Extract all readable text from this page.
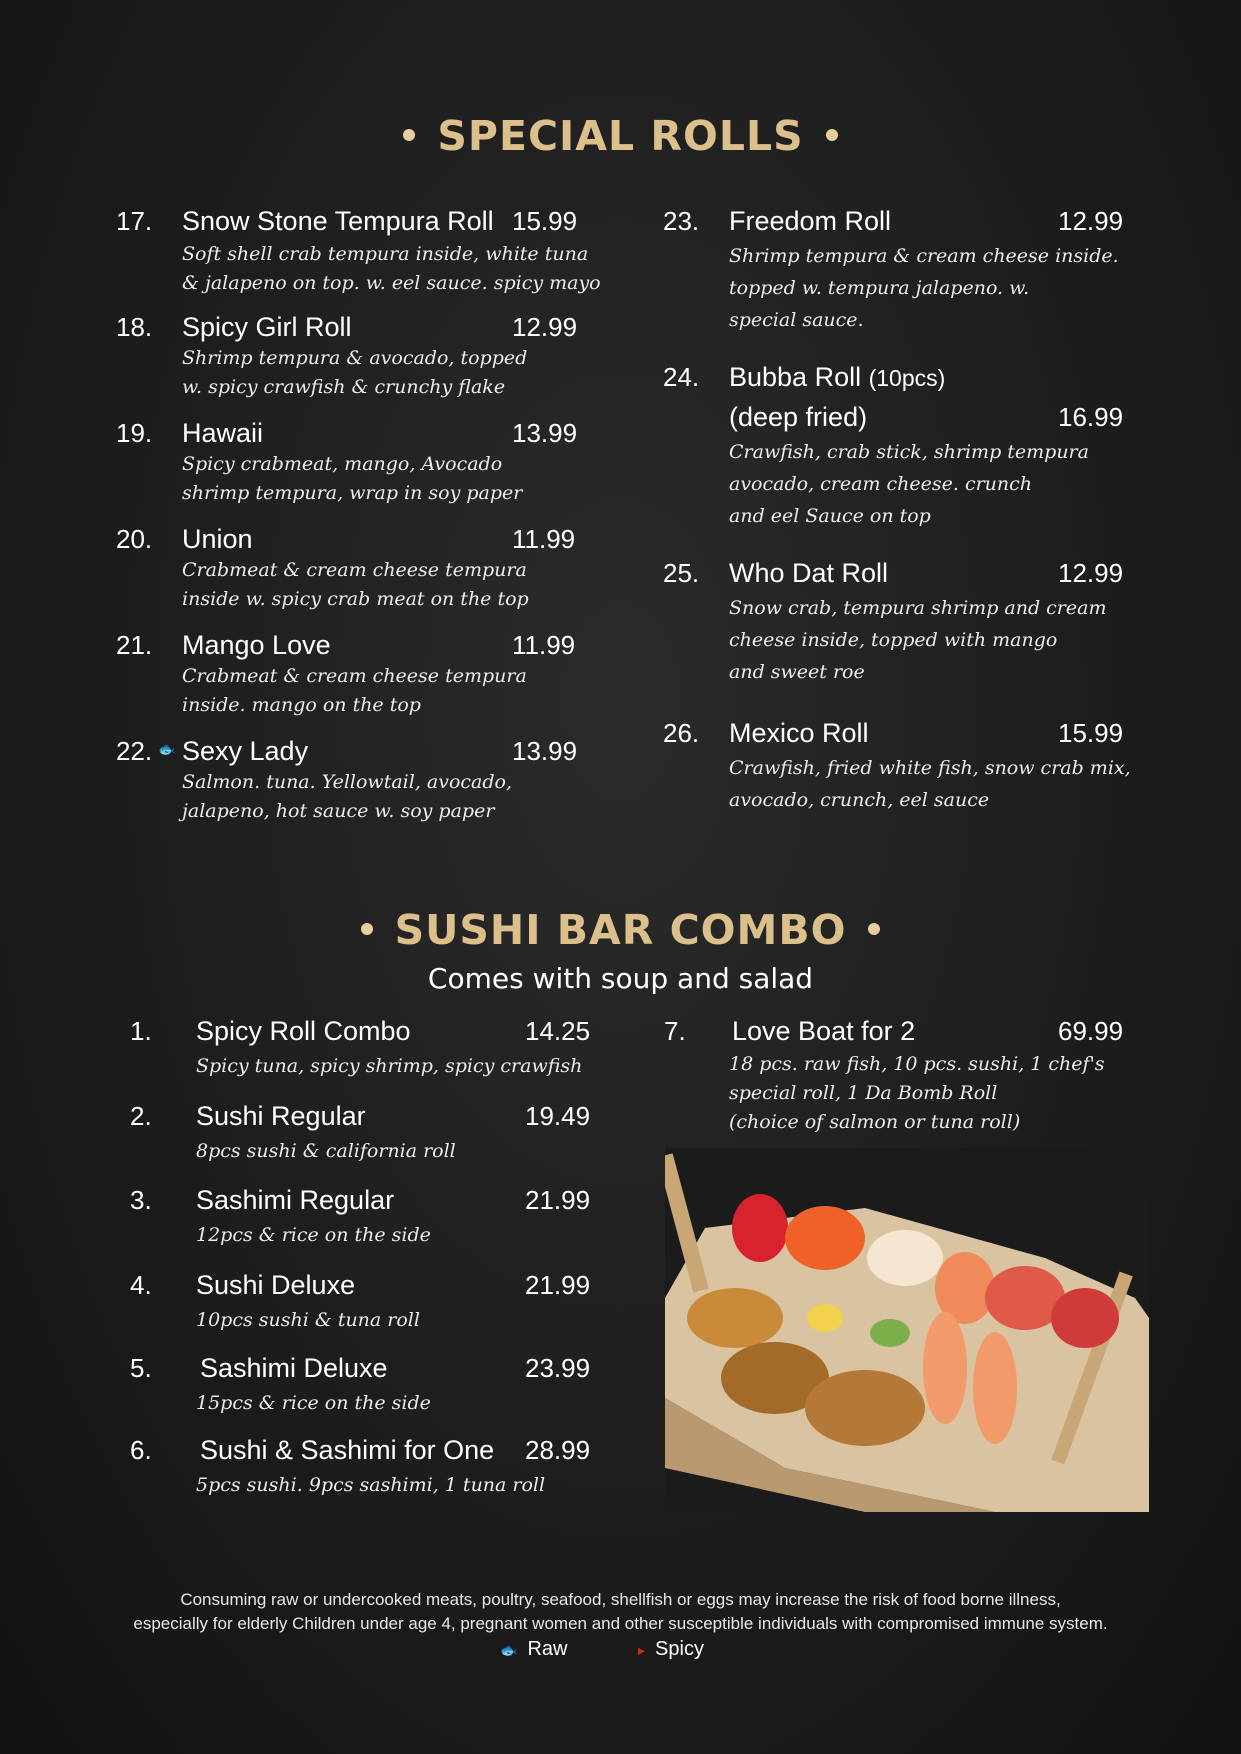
SPECIAL ROLLS
17. Snow Stone Tempura Roll 15.99
Soft shell crab tempura inside, white tuna
& jalapeno on top. w. eel sauce. spicy mayo
18. Spicy Girl Roll	12.99
Shrimp tempura & avocado, topped
w. spicy crawfish & crunchy flake
19. Hawaii	13.99
Spicy crabmeat, mango, Avocado
shrimp tempura, wrap in soy paper
20. Union	11.99
Crabmeat & cream cheese tempura
inside w. spicy crab meat on the top
21. Mango Love	11.99
Crabmeat & cream cheese tempura
inside. mango on the top
22. 🐟 Sexy Lady	13.99
Salmon. tuna. Yellowtail, avocado,
jalapeno, hot sauce w. soy paper
23. Freedom Roll	12.99
Shrimp tempura & cream cheese inside.
topped w. tempura jalapeno. w.
special sauce.
24. Bubba Roll (10pcs)
(deep fried)	16.99
Crawfish, crab stick, shrimp tempura
avocado, cream cheese. crunch
and eel Sauce on top
25. Who Dat Roll	12.99
Snow crab, tempura shrimp and cream
cheese inside, topped with mango
and sweet roe
26. Mexico Roll	15.99
Crawfish, fried white fish, snow crab mix,
avocado, crunch, eel sauce
SUSHI BAR COMBO
Comes with soup and salad
1. Spicy Roll Combo	14.25
Spicy tuna, spicy shrimp, spicy crawfish
2. Sushi Regular	19.49
8pcs sushi & california roll
3. Sashimi Regular	21.99
12pcs & rice on the side
4. Sushi Deluxe	21.99
10pcs sushi & tuna roll
5. Sashimi Deluxe	23.99
15pcs & rice on the side
6. Sushi & Sashimi for One 28.99
5pcs sushi. 9pcs sashimi, 1 tuna roll
7. Love Boat for 2	69.99
18 pcs. raw fish, 10 pcs. sushi, 1 chef's
special roll, 1 Da Bomb Roll
(choice of salmon or tuna roll)
Consuming raw or undercooked meats, poultry, seafood, shellfish or eggs may increase the risk of food borne illness,
especially for elderly Children under age 4, pregnant women and other susceptible individuals with compromised immune system.
🐟 Raw	▸ Spicy
